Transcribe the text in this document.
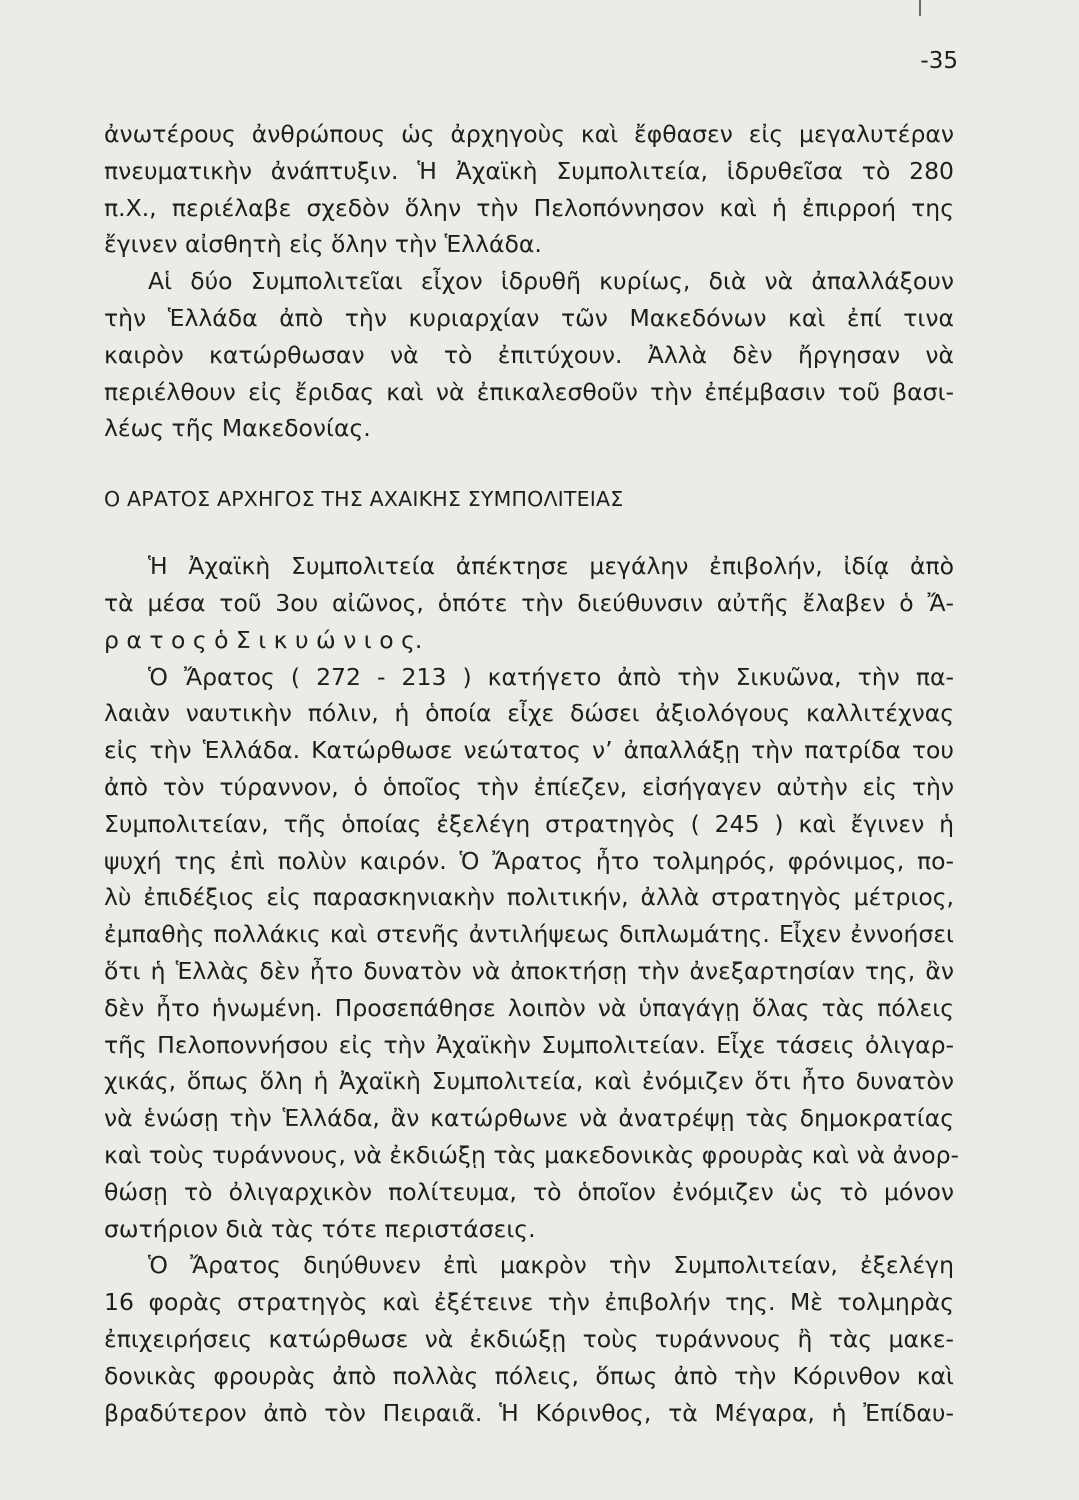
-35
ἀνωτέρους ἀνθρώπους ὡς ἀρχηγοὺς καὶ ἔφθασεν εἰς μεγαλυτέραν
πνευματικὴν ἀνάπτυξιν. Ἡ Ἀχαϊκὴ Συμπολιτεία, ἱδρυθεῖσα τὸ 280
π.Χ., περιέλαβε σχεδὸν ὅλην τὴν Πελοπόννησον καὶ ἡ ἐπιρροή της
ἔγινεν αἰσθητὴ εἰς ὅλην τὴν Ἑλλάδα.
Αἱ δύο Συμπολιτεῖαι εἶχον ἱδρυθῆ κυρίως, διὰ νὰ ἀπαλλάξουν
τὴν Ἑλλάδα ἀπὸ τὴν κυριαρχίαν τῶν Μακεδόνων καὶ ἐπί τινα
καιρὸν κατώρθωσαν νὰ τὸ ἐπιτύχουν. Ἀλλὰ δὲν ἤργησαν νὰ
περιέλθουν εἰς ἔριδας καὶ νὰ ἐπικαλεσθοῦν τὴν ἐπέμβασιν τοῦ βασι-
λέως τῆς Μακεδονίας.
Ο ΑΡΑΤΟΣ ΑΡΧΗΓΟΣ ΤΗΣ ΑΧΑΙΚΗΣ ΣΥΜΠΟΛΙΤΕΙΑΣ
Ἡ Ἀχαϊκὴ Συμπολιτεία ἀπέκτησε μεγάλην ἐπιβολήν, ἰδίᾳ ἀπὸ
τὰ μέσα τοῦ 3ου αἰῶνος, ὁπότε τὴν διεύθυνσιν αὐτῆς ἔλαβεν ὁ Ἄ-
ρ α τ ο ς ὁ Σ ι κ υ ώ ν ι ο ς.
Ὁ Ἄρατος ( 272 - 213 ) κατήγετο ἀπὸ τὴν Σικυῶνα, τὴν πα-
λαιὰν ναυτικὴν πόλιν, ἡ ὁποία εἶχε δώσει ἀξιολόγους καλλιτέχνας
εἰς τὴν Ἑλλάδα. Κατώρθωσε νεώτατος ν’ ἀπαλλάξῃ τὴν πατρίδα του
ἀπὸ τὸν τύραννον, ὁ ὁποῖος τὴν ἐπίεζεν, εἰσήγαγεν αὐτὴν εἰς τὴν
Συμπολιτείαν, τῆς ὁποίας ἐξελέγη στρατηγὸς ( 245 ) καὶ ἔγινεν ἡ
ψυχή της ἐπὶ πολὺν καιρόν. Ὁ Ἄρατος ἦτο τολμηρός, φρόνιμος, πο-
λὺ ἐπιδέξιος εἰς παρασκηνιακὴν πολιτικήν, ἀλλὰ στρατηγὸς μέτριος,
ἐμπαθὴς πολλάκις καὶ στενῆς ἀντιλήψεως διπλωμάτης. Εἶχεν ἐννοήσει
ὅτι ἡ Ἑλλὰς δὲν ἦτο δυνατὸν νὰ ἀποκτήσῃ τὴν ἀνεξαρτησίαν της, ἂν
δὲν ἦτο ἡνωμένη. Προσεπάθησε λοιπὸν νὰ ὑπαγάγῃ ὅλας τὰς πόλεις
τῆς Πελοποννήσου εἰς τὴν Ἀχαϊκὴν Συμπολιτείαν. Εἶχε τάσεις ὀλιγαρ-
χικάς, ὅπως ὅλη ἡ Ἀχαϊκὴ Συμπολιτεία, καὶ ἐνόμιζεν ὅτι ἦτο δυνατὸν
νὰ ἑνώσῃ τὴν Ἑλλάδα, ἂν κατώρθωνε νὰ ἀνατρέψῃ τὰς δημοκρατίας
καὶ τοὺς τυράννους, νὰ ἐκδιώξῃ τὰς μακεδονικὰς φρουρὰς καὶ νὰ ἀνορ-
θώσῃ τὸ ὀλιγαρχικὸν πολίτευμα, τὸ ὁποῖον ἐνόμιζεν ὡς τὸ μόνον
σωτήριον διὰ τὰς τότε περιστάσεις.
Ὁ Ἄρατος διηύθυνεν ἐπὶ μακρὸν τὴν Συμπολιτείαν, ἐξελέγη
16 φορὰς στρατηγὸς καὶ ἐξέτεινε τὴν ἐπιβολήν της. Μὲ τολμηρὰς
ἐπιχειρήσεις κατώρθωσε νὰ ἐκδιώξῃ τοὺς τυράννους ἢ τὰς μακε-
δονικὰς φρουρὰς ἀπὸ πολλὰς πόλεις, ὅπως ἀπὸ τὴν Κόρινθον καὶ
βραδύτερον ἀπὸ τὸν Πειραιᾶ. Ἡ Κόρινθος, τὰ Μέγαρα, ἡ Ἐπίδαυ-
